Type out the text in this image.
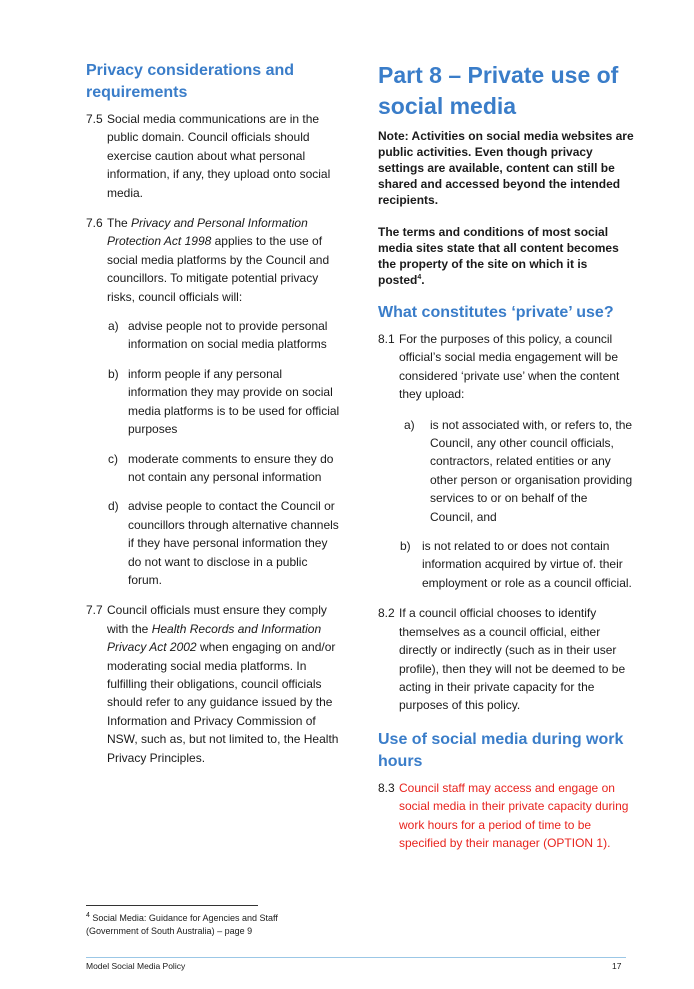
Privacy considerations and requirements
7.5 Social media communications are in the public domain. Council officials should exercise caution about what personal information, if any, they upload onto social media.
7.6 The Privacy and Personal Information Protection Act 1998 applies to the use of social media platforms by the Council and councillors. To mitigate potential privacy risks, council officials will:
a) advise people not to provide personal information on social media platforms
b) inform people if any personal information they may provide on social media platforms is to be used for official purposes
c) moderate comments to ensure they do not contain any personal information
d) advise people to contact the Council or councillors through alternative channels if they have personal information they do not want to disclose in a public forum.
7.7 Council officials must ensure they comply with the Health Records and Information Privacy Act 2002 when engaging on and/or moderating social media platforms. In fulfilling their obligations, council officials should refer to any guidance issued by the Information and Privacy Commission of NSW, such as, but not limited to, the Health Privacy Principles.
Part 8 – Private use of social media
Note: Activities on social media websites are public activities. Even though privacy settings are available, content can still be shared and accessed beyond the intended recipients.
The terms and conditions of most social media sites state that all content becomes the property of the site on which it is posted$^4$.
What constitutes ‘private’ use?
8.1 For the purposes of this policy, a council official’s social media engagement will be considered ‘private use’ when the content they upload:
a) is not associated with, or refers to, the Council, any other council officials, contractors, related entities or any other person or organisation providing services to or on behalf of the Council, and
b) is not related to or does not contain information acquired by virtue of. their employment or role as a council official.
8.2 If a council official chooses to identify themselves as a council official, either directly or indirectly (such as in their user profile), then they will not be deemed to be acting in their private capacity for the purposes of this policy.
Use of social media during work hours
8.3 Council staff may access and engage on social media in their private capacity during work hours for a period of time to be specified by their manager (OPTION 1).
$^4$ Social Media: Guidance for Agencies and Staff (Government of South Australia) – page 9
Model Social Media Policy	17
